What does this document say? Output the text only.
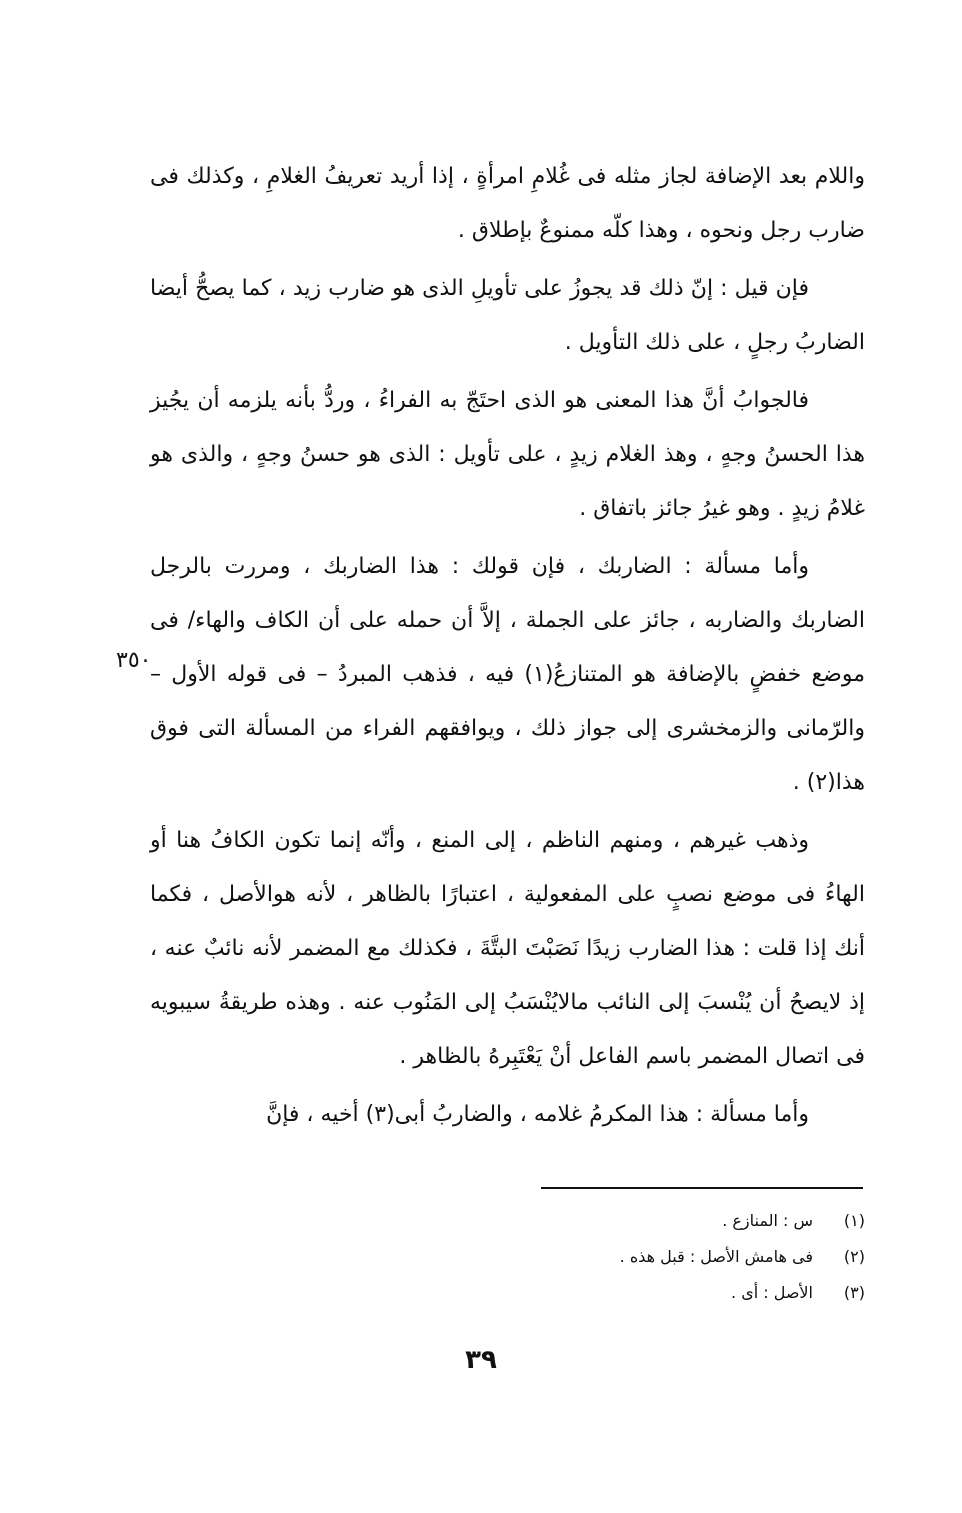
واللام بعد الإضافة لجاز مثله فى غُلامِ امرأةٍ ، إذا أريد تعريفُ الغلامِ ، وكذلك فى ضارب رجل ونحوه ، وهذا كلّه ممنوعٌ بإطلاق .

فإن قيل : إنّ ذلك قد يجوزُ على تأويلِ الذى هو ضارب زيد ، كما يصحُّ أيضا الضاربُ رجلٍ ، على ذلك التأويل .

فالجوابُ أنَّ هذا المعنى هو الذى احتَجّ به الفراءُ ، وردُّ بأنه يلزمه أن يجُيز هذا الحسنُ وجهٍ ، وهذ الغلام زيدٍ ، على تأويل : الذى هو حسنُ وجهٍ ، والذى هو غلامُ زيدٍ . وهو غيرُ جائز باتفاق .

وأما مسألة : الضاربك ، فإن قولك : هذا الضاربك ، ومررت بالرجل الضاربك والضاربه ، جائز على الجملة ، إلاَّ أن حمله على أن الكاف والهاء/ فى موضع خفضٍ بالإضافة هو المتنازعُ(١) فيه ، فذهب المبردُ – فى قوله الأول – والرّمانى والزمخشرى إلى جواز ذلك ، ويوافقهم الفراء من المسألة التى فوق هذا(٢) .

وذهب غيرهم ، ومنهم الناظم ، إلى المنع ، وأنّه إنما تكون الكافُ هنا أو الهاءُ فى موضع نصبٍ على المفعولية ، اعتبارًا بالظاهر ، لأنه هوالأصل ، فكما أنك إذا قلت : هذا الضارب زيدًا نَصَبْتَ البتَّةَ ، فكذلك مع المضمر لأنه نائبٌ عنه ، إذ لايصحُ أن يُنْسبَ إلى النائب مالايُنْسَبُ إلى المَنُوب عنه . وهذه طريقةُ سيبويه فى اتصال المضمر باسم الفاعل أنْ يَعْتَبِرهُ بالظاهر .

وأما مسألة : هذا المكرمُ غلامه ، والضاربُ أبى(٣) أخيه ، فإنَّ

٣٥٠
(١)
س : المنازع .
(٢)
فى هامش الأصل : قبل هذه .
(٣)
الأصل : أى .
٣٩
